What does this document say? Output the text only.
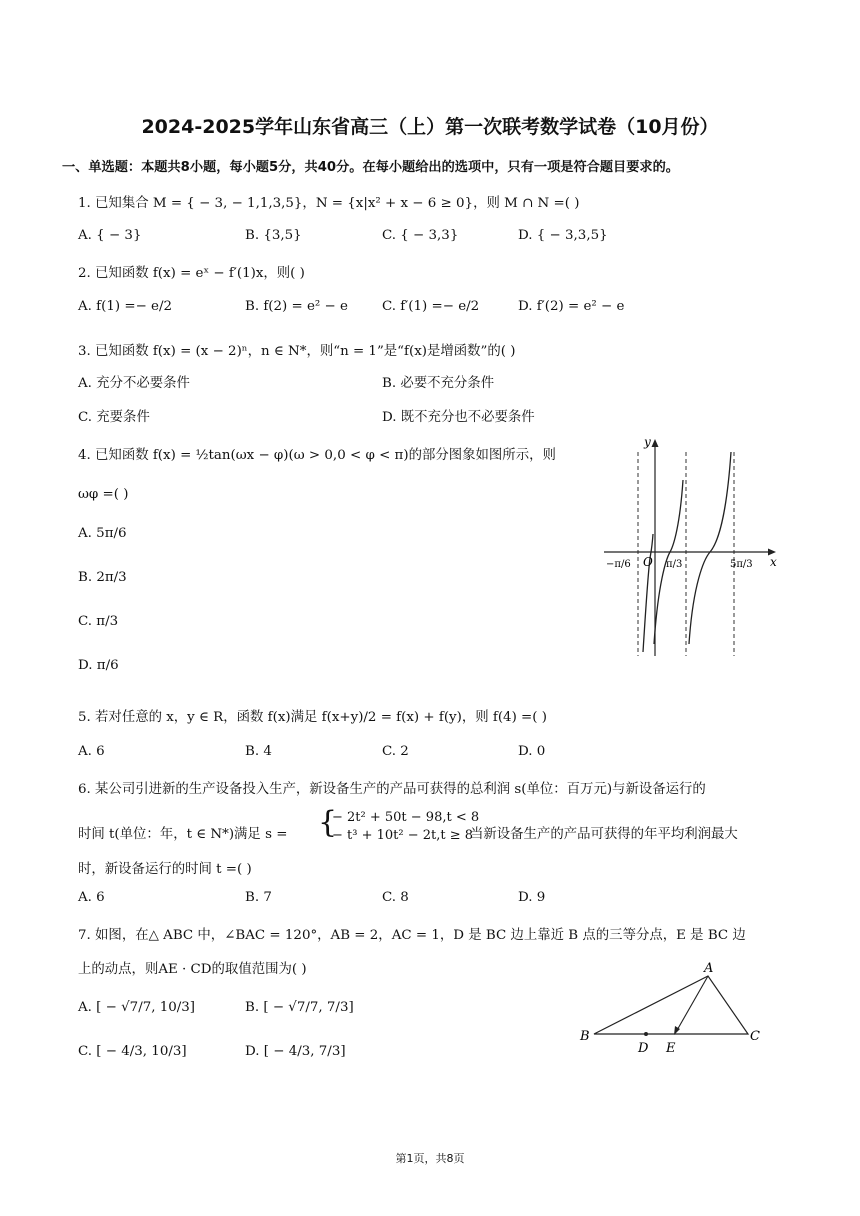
2024-2025学年山东省高三（上）第一次联考数学试卷（10月份）
一、单选题：本题共8小题，每小题5分，共40分。在每小题给出的选项中，只有一项是符合题目要求的。
1. 已知集合 M = { − 3, − 1,1,3,5}，N = {x|x² + x − 6 ≥ 0}，则 M ∩ N =( )
A. { − 3}	B. {3,5}	C. { − 3,3}	D. { − 3,3,5}
2. 已知函数 f(x) = eˣ − f′(1)x，则( )
A. f(1) =− e/2	B. f(2) = e² − e	C. f′(1) =− e/2	D. f′(2) = e² − e
3. 已知函数 f(x) = (x − 2)ⁿ，n ∈ N*，则“n = 1”是“f(x)是增函数”的( )
A. 充分不必要条件	B. 必要不充分条件
C. 充要条件	D. 既不充分也不必要条件
4. 已知函数 f(x) = ½tan(ωx − φ)(ω > 0,0 < φ < π)的部分图象如图所示，则
ωφ =( )
A. 5π/6
B. 2π/3
C. π/3
D. π/6
y
x
O
−π/6	π/3	5π/3
5. 若对任意的 x，y ∈ R，函数 f(x)满足 f(x+y)/2 = f(x) + f(y)，则 f(4) =( )
A. 6	B. 4	C. 2	D. 0
6. 某公司引进新的生产设备投入生产，新设备生产的产品可获得的总利润 s(单位：百万元)与新设备运行的
时间 t(单位：年，t ∈ N*)满足 s = {
− 2t² + 50t − 98,t < 8
− t³ + 10t² − 2t,t ≥ 8
当新设备生产的产品可获得的年平均利润最大
时，新设备运行的时间 t =( )
A. 6	B. 7	C. 8	D. 9
7. 如图，在△ ABC 中，∠BAC = 120°，AB = 2，AC = 1，D 是 BC 边上靠近 B 点的三等分点，E 是 BC 边
上的动点，则AE · CD的取值范围为( )
A. [ − √7/7, 10/3]	B. [ − √7/7, 7/3]
C. [ − 4/3, 10/3]	D. [ − 4/3, 7/3]
A
B	C
D E
第1页，共8页
